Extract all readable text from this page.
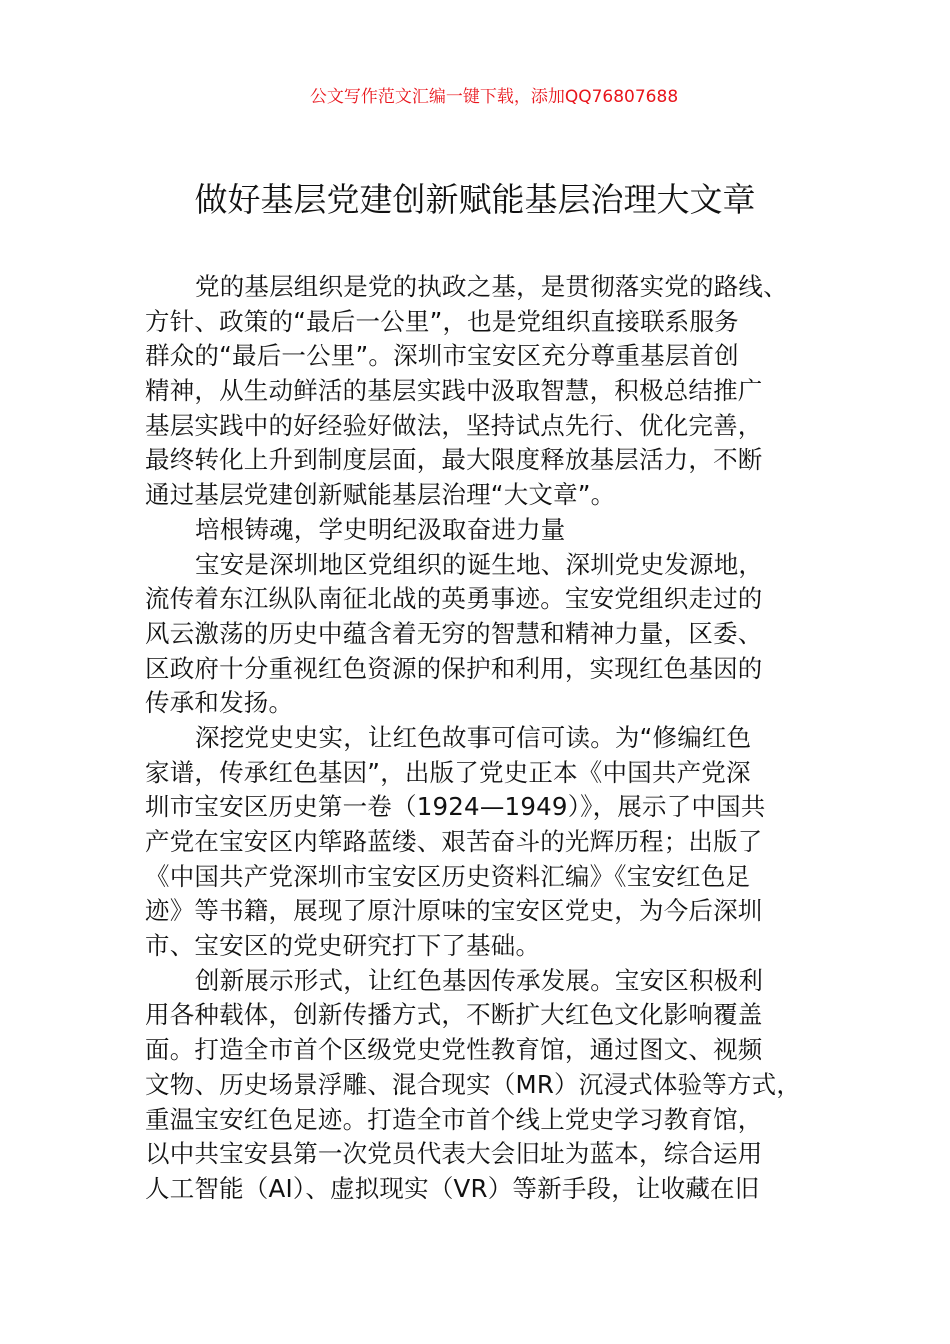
公文写作范文汇编一键下载，添加QQ76807688
做好基层党建创新赋能基层治理大文章
党的基层组织是党的执政之基，是贯彻落实党的路线、
方针、政策的“最后一公里”，也是党组织直接联系服务
群众的“最后一公里”。深圳市宝安区充分尊重基层首创
精神，从生动鲜活的基层实践中汲取智慧，积极总结推广
基层实践中的好经验好做法，坚持试点先行、优化完善，
最终转化上升到制度层面，最大限度释放基层活力，不断
通过基层党建创新赋能基层治理“大文章”。
培根铸魂，学史明纪汲取奋进力量
宝安是深圳地区党组织的诞生地、深圳党史发源地，
流传着东江纵队南征北战的英勇事迹。宝安党组织走过的
风云激荡的历史中蕴含着无穷的智慧和精神力量，区委、
区政府十分重视红色资源的保护和利用，实现红色基因的
传承和发扬。
深挖党史史实，让红色故事可信可读。为“修编红色
家谱，传承红色基因”，出版了党史正本《中国共产党深
圳市宝安区历史第一卷（1924—1949）》，展示了中国共
产党在宝安区内筚路蓝缕、艰苦奋斗的光辉历程；出版了
《中国共产党深圳市宝安区历史资料汇编》《宝安红色足
迹》等书籍，展现了原汁原味的宝安区党史，为今后深圳
市、宝安区的党史研究打下了基础。
创新展示形式，让红色基因传承发展。宝安区积极利
用各种载体，创新传播方式，不断扩大红色文化影响覆盖
面。打造全市首个区级党史党性教育馆，通过图文、视频
文物、历史场景浮雕、混合现实（MR）沉浸式体验等方式，
重温宝安红色足迹。打造全市首个线上党史学习教育馆，
以中共宝安县第一次党员代表大会旧址为蓝本，综合运用
人工智能（AI）、虚拟现实（VR）等新手段，让收藏在旧
